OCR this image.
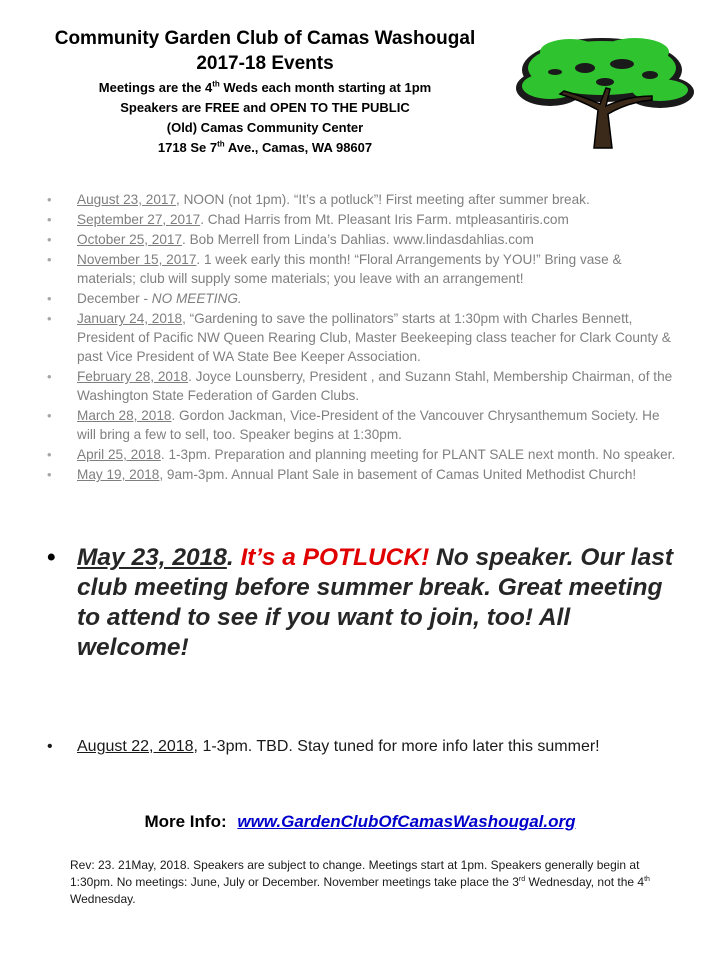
Community Garden Club of Camas Washougal
2017-18 Events
Meetings are the 4th Weds each month starting at 1pm
Speakers are FREE and OPEN TO THE PUBLIC
(Old) Camas Community Center
1718 Se 7th Ave., Camas, WA 98607
• August 23, 2017, NOON (not 1pm). “It’s a potluck”! First meeting after summer break.
• September 27, 2017. Chad Harris from Mt. Pleasant Iris Farm. mtpleasantiris.com
• October 25, 2017. Bob Merrell from Linda’s Dahlias. www.lindasdahlias.com
• November 15, 2017. 1 week early this month! “Floral Arrangements by YOU!” Bring vase & materials; club will supply some materials; you leave with an arrangement!
• December - NO MEETING.
• January 24, 2018, “Gardening to save the pollinators” starts at 1:30pm with Charles Bennett, President of Pacific NW Queen Rearing Club, Master Beekeeping class teacher for Clark County & past Vice President of WA State Bee Keeper Association.
• February 28, 2018. Joyce Lounsberry, President , and Suzann Stahl, Membership Chairman, of the Washington State Federation of Garden Clubs.
• March 28, 2018. Gordon Jackman, Vice-President of the Vancouver Chrysanthemum Society. He will bring a few to sell, too. Speaker begins at 1:30pm.
• April 25, 2018. 1-3pm. Preparation and planning meeting for PLANT SALE next month. No speaker.
• May 19, 2018, 9am-3pm. Annual Plant Sale in basement of Camas United Methodist Church!
• May 23, 2018. It’s a POTLUCK! No speaker. Our last club meeting before summer break. Great meeting to attend to see if you want to join, too! All welcome!
• August 22, 2018, 1-3pm. TBD. Stay tuned for more info later this summer!
More Info: www.GardenClubOfCamasWashougal.org
Rev: 23. 21May, 2018. Speakers are subject to change. Meetings start at 1pm. Speakers generally begin at 1:30pm. No meetings: June, July or December. November meetings take place the 3rd Wednesday, not the 4th Wednesday.
